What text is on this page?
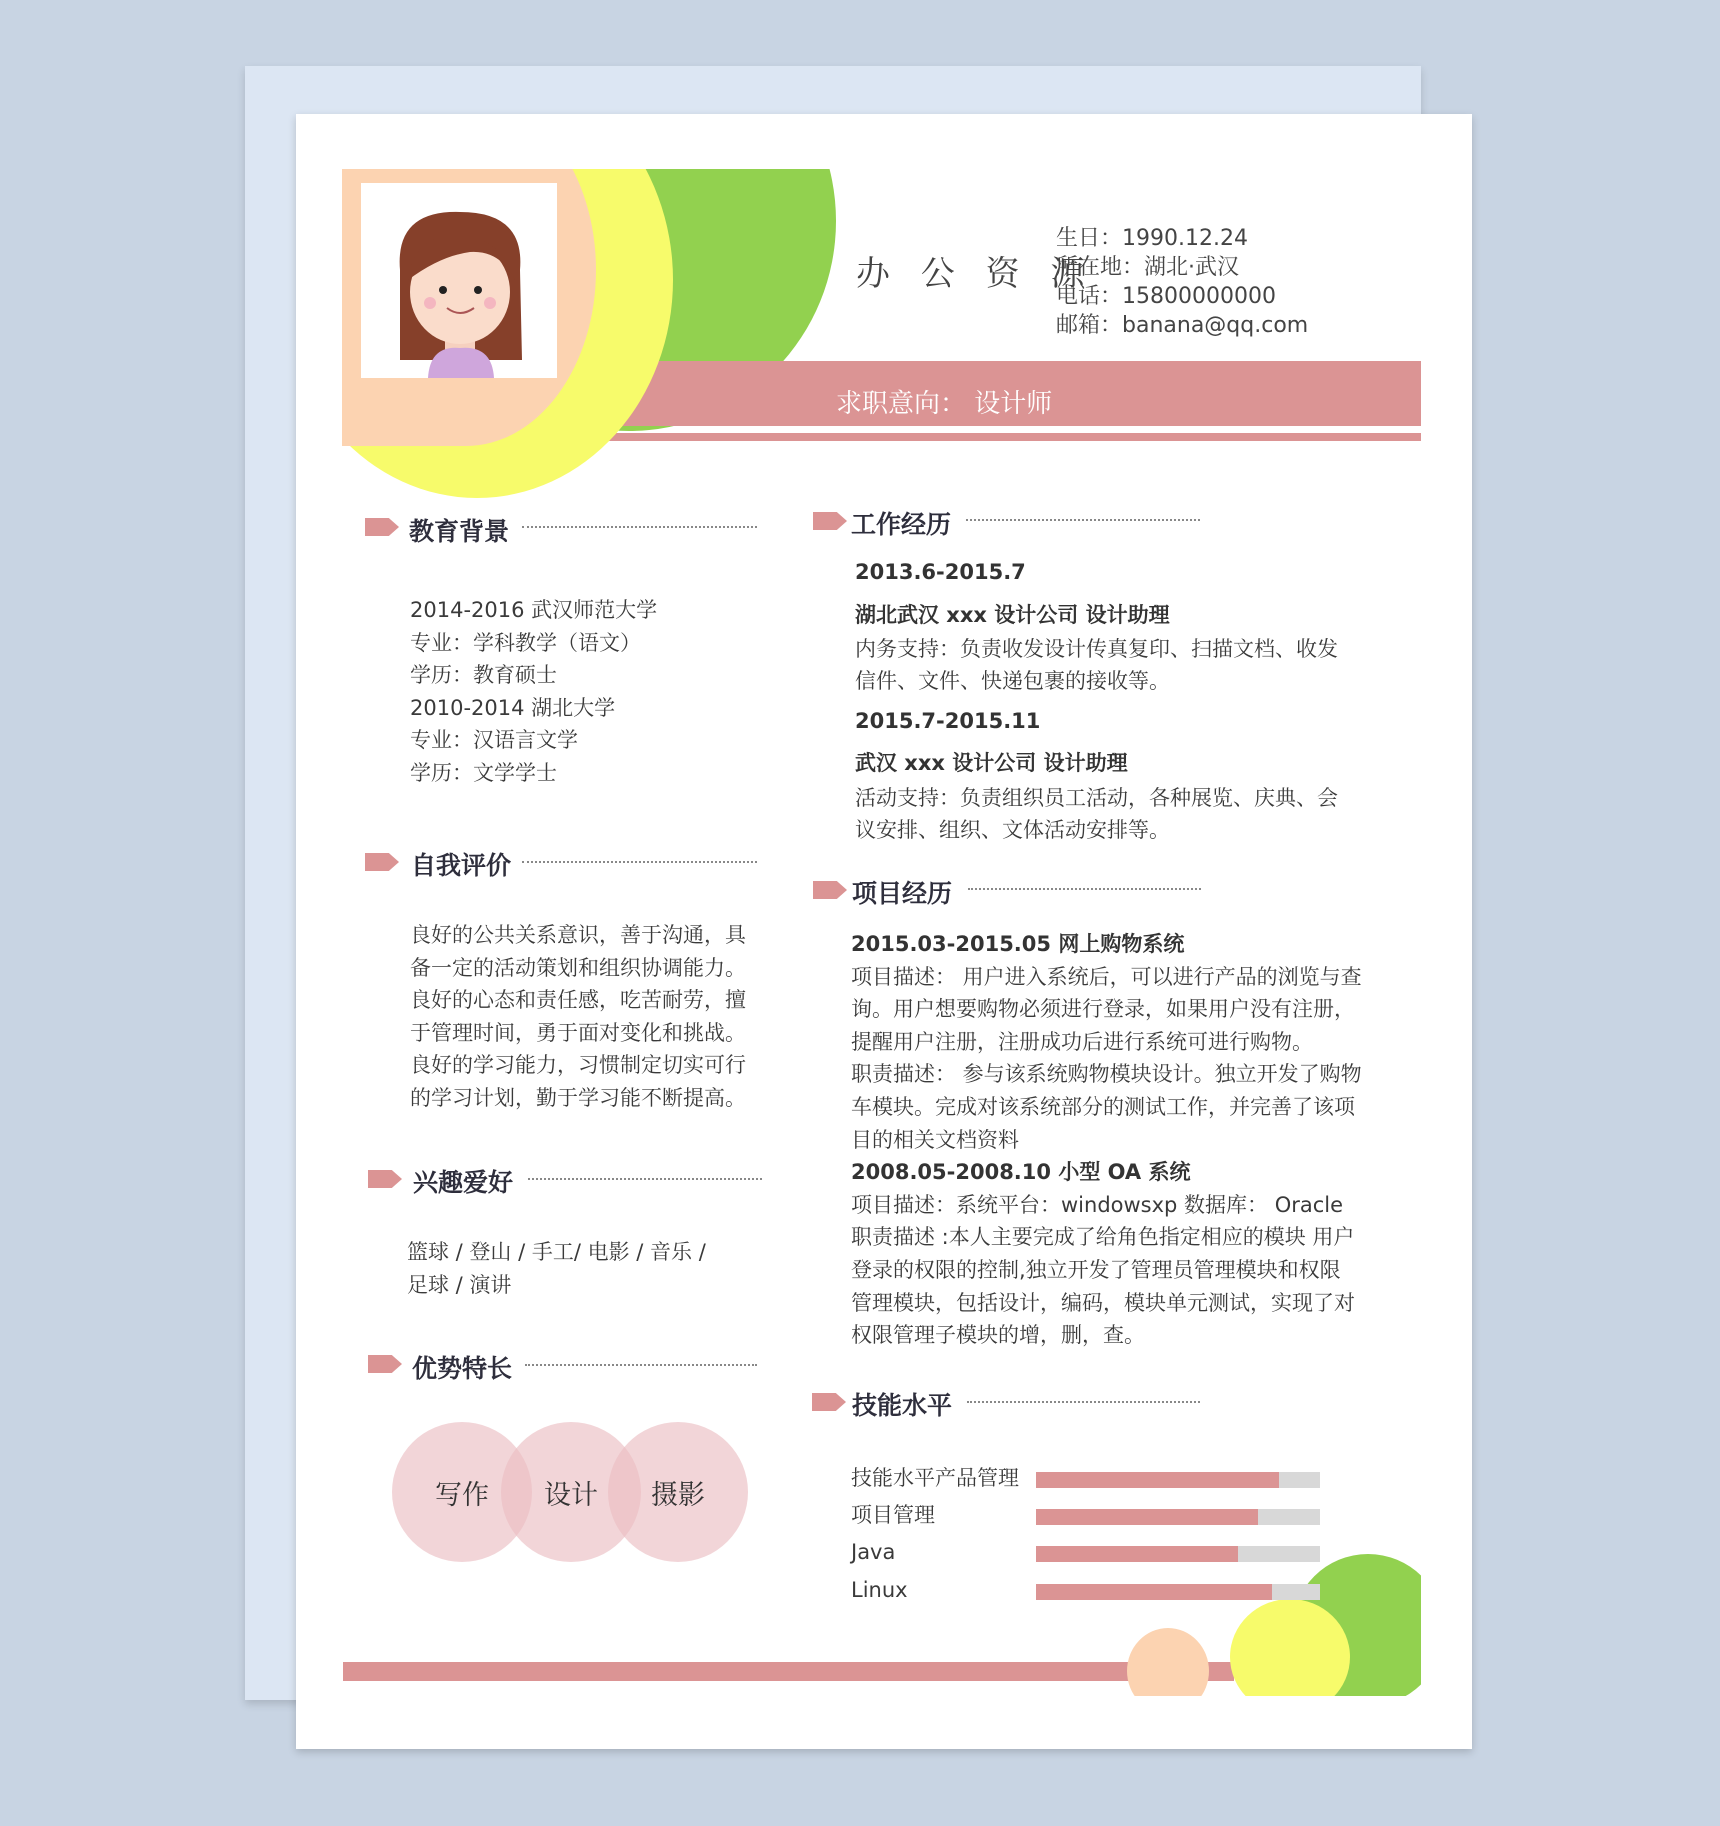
办 公 资 源
生日：1990.12.24
所在地：湖北·武汉
电话：15800000000
邮箱：banana@qq.com
求职意向： 设计师
教育背景
2014-2016 武汉师范大学
专业：学科教学（语文）
学历：教育硕士
2010-2014 湖北大学
专业：汉语言文学
学历：文学学士
自我评价
良好的公共关系意识，善于沟通，具
备一定的活动策划和组织协调能力。
良好的心态和责任感，吃苦耐劳，擅
于管理时间，勇于面对变化和挑战。
良好的学习能力，习惯制定切实可行
的学习计划，勤于学习能不断提高。
兴趣爱好
篮球 / 登山 / 手工/ 电影 / 音乐 /
足球 / 演讲
优势特长
写作 设计 摄影
工作经历
2013.6-2015.7
湖北武汉 xxx 设计公司 设计助理
内务支持：负责收发设计传真复印、扫描文档、收发
信件、文件、快递包裹的接收等。
2015.7-2015.11
武汉 xxx 设计公司 设计助理
活动支持：负责组织员工活动，各种展览、庆典、会
议安排、组织、文体活动安排等。
项目经历
2015.03-2015.05 网上购物系统
项目描述： 用户进入系统后，可以进行产品的浏览与查
询。用户想要购物必须进行登录，如果用户没有注册，
提醒用户注册，注册成功后进行系统可进行购物。
职责描述： 参与该系统购物模块设计。独立开发了购物
车模块。完成对该系统部分的测试工作，并完善了该项
目的相关文档资料
2008.05-2008.10 小型 OA 系统
项目描述：系统平台：windowsxp 数据库： Oracle
职责描述 :本人主要完成了给角色指定相应的模块 用户
登录的权限的控制,独立开发了管理员管理模块和权限
管理模块，包括设计，编码，模块单元测试，实现了对
权限管理子模块的增，删，查。
技能水平
技能水平产品管理
项目管理
Java
Linux
